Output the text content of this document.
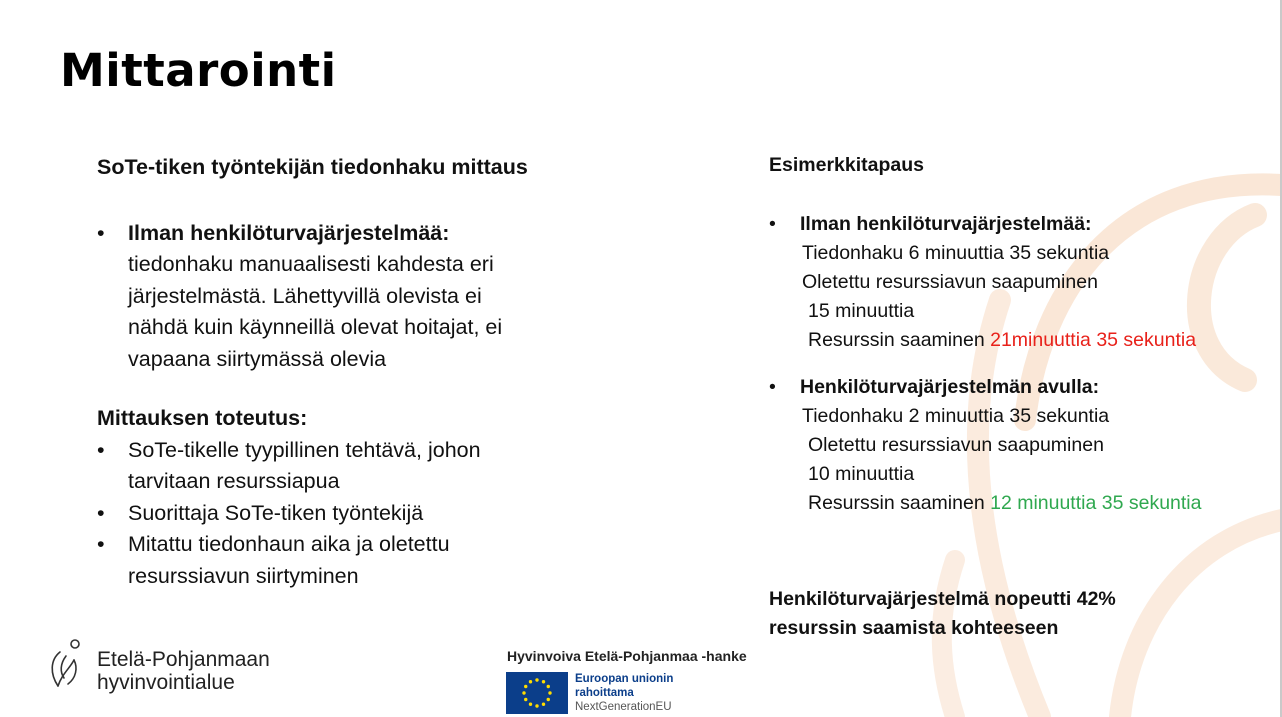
Mittarointi

SoTe-tiken työntekijän tiedonhaku mittaus

• Ilman henkilöturvajärjestelmää:
tiedonhaku manuaalisesti kahdesta eri
järjestelmästä. Lähettyvillä olevista ei
nähdä kuin käynneillä olevat hoitajat, ei
vapaana siirtymässä olevia

Mittauksen toteutus:

• SoTe-tikelle tyypillinen tehtävä, johon
tarvitaan resurssiapua
• Suorittaja SoTe-tiken työntekijä
• Mitattu tiedonhaun aika ja oletettu
resurssiavun siirtyminen

Esimerkkitapaus

• Ilman henkilöturvajärjestelmää:
Tiedonhaku 6 minuuttia 35 sekuntia
Oletettu resurssiavun saapuminen
15 minuuttia
Resurssin saaminen 21minuuttia 35 sekuntia
• Henkilöturvajärjestelmän avulla:
Tiedonhaku 2 minuuttia 35 sekuntia
Oletettu resurssiavun saapuminen
10 minuuttia
Resurssin saaminen 12 minuuttia 35 sekuntia
Henkilöturvajärjestelmä nopeutti 42%
resurssin saamista kohteeseen
Etelä-Pohjanmaan
hyvinvointialue
Hyvinvoiva Etelä-Pohjanmaa -hanke
Euroopan unionin
rahoittama
NextGenerationEU
